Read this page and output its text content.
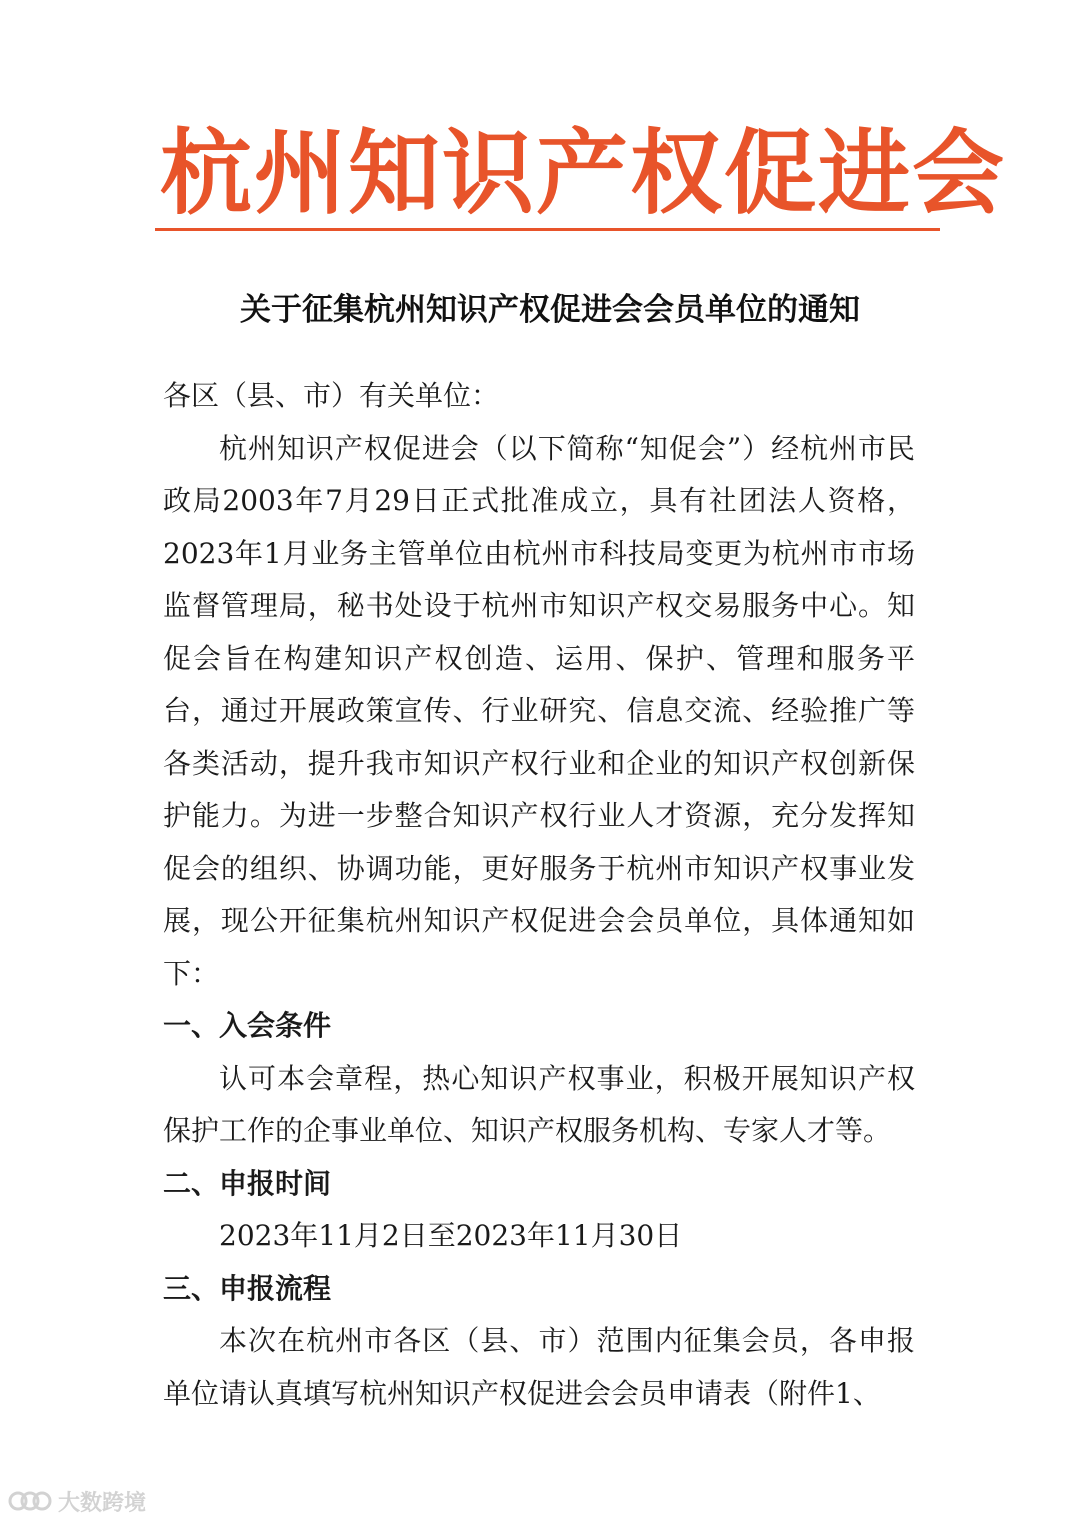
杭州知识产权促进会
关于征集杭州知识产权促进会会员单位的通知

各区（县、市）有关单位：

杭州知识产权促进会（以下简称“知促会”）经杭州市民政局2003年7月29日正式批准成立，具有社团法人资格，2023年1月业务主管单位由杭州市科技局变更为杭州市市场监督管理局，秘书处设于杭州市知识产权交易服务中心。知促会旨在构建知识产权创造、运用、保护、管理和服务平台，通过开展政策宣传、行业研究、信息交流、经验推广等各类活动，提升我市知识产权行业和企业的知识产权创新保护能力。为进一步整合知识产权行业人才资源，充分发挥知促会的组织、协调功能，更好服务于杭州市知识产权事业发展，现公开征集杭州知识产权促进会会员单位，具体通知如下：

一、入会条件

认可本会章程，热心知识产权事业，积极开展知识产权保护工作的企事业单位、知识产权服务机构、专家人才等。

二、申报时间

2023年11月2日至2023年11月30日

三、申报流程

本次在杭州市各区（县、市）范围内征集会员，各申报单位请认真填写杭州知识产权促进会会员申请表（附件1、

大数跨境
